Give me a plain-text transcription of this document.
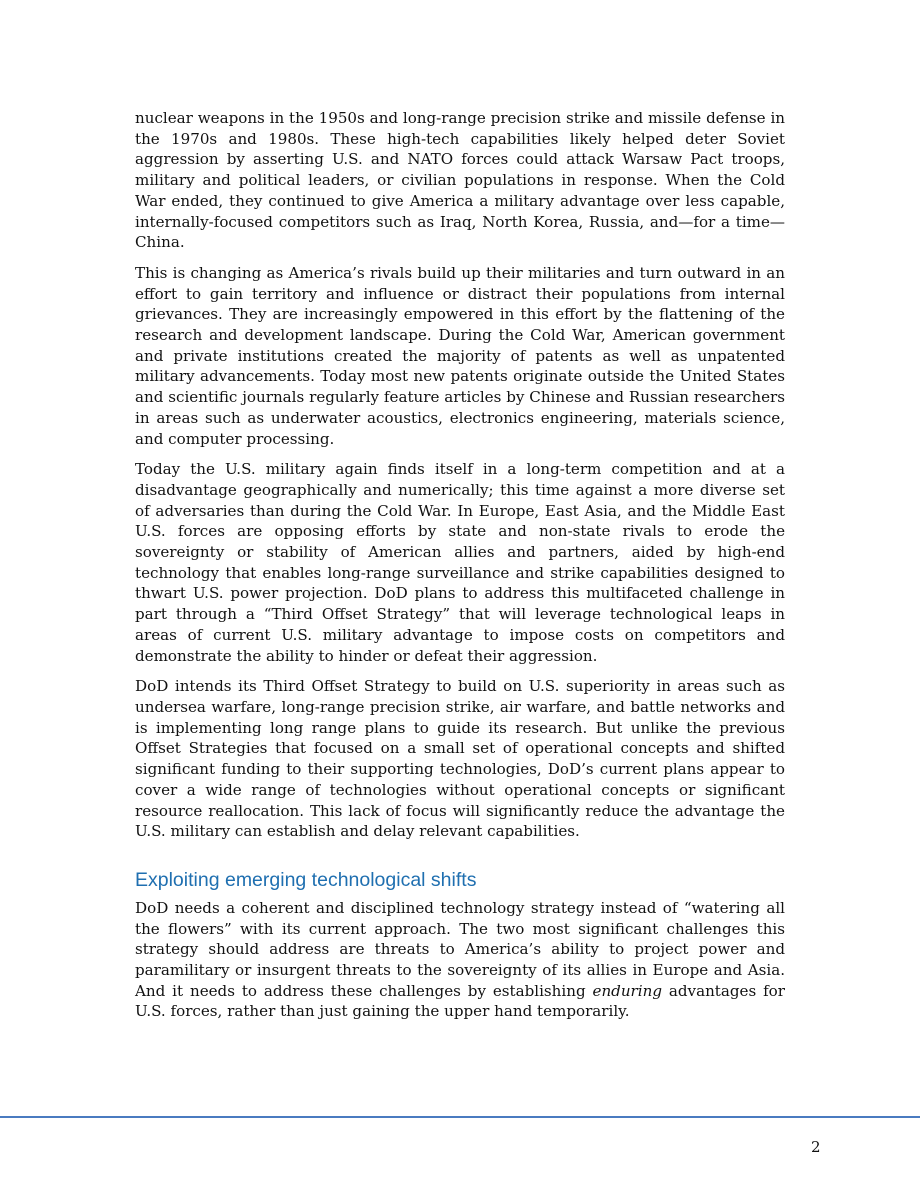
nuclear weapons in the 1950s and long-range precision strike and missile defense in the 1970s and 1980s. These high-tech capabilities likely helped deter Soviet aggression by asserting U.S. and NATO forces could attack Warsaw Pact troops, military and political leaders, or civilian populations in response. When the Cold War ended, they continued to give America a military advantage over less capable, internally-focused competitors such as Iraq, North Korea, Russia, and—for a time—China.

This is changing as America’s rivals build up their militaries and turn outward in an effort to gain territory and influence or distract their populations from internal grievances. They are increasingly empowered in this effort by the flattening of the research and development landscape. During the Cold War, American government and private institutions created the majority of patents as well as unpatented military advancements. Today most new patents originate outside the United States and scientific journals regularly feature articles by Chinese and Russian researchers in areas such as underwater acoustics, electronics engineering, materials science, and computer processing.

Today the U.S. military again finds itself in a long-term competition and at a disadvantage geographically and numerically; this time against a more diverse set of adversaries than during the Cold War. In Europe, East Asia, and the Middle East U.S. forces are opposing efforts by state and non-state rivals to erode the sovereignty or stability of American allies and partners, aided by high-end technology that enables long-range surveillance and strike capabilities designed to thwart U.S. power projection. DoD plans to address this multifaceted challenge in part through a “Third Offset Strategy” that will leverage technological leaps in areas of current U.S. military advantage to impose costs on competitors and demonstrate the ability to hinder or defeat their aggression.

DoD intends its Third Offset Strategy to build on U.S. superiority in areas such as undersea warfare, long-range precision strike, air warfare, and battle networks and is implementing long range plans to guide its research. But unlike the previous Offset Strategies that focused on a small set of operational concepts and shifted significant funding to their supporting technologies, DoD’s current plans appear to cover a wide range of technologies without operational concepts or significant resource reallocation. This lack of focus will significantly reduce the advantage the U.S. military can establish and delay relevant capabilities.

Exploiting emerging technological shifts

DoD needs a coherent and disciplined technology strategy instead of “watering all the flowers” with its current approach. The two most significant challenges this strategy should address are threats to America’s ability to project power and paramilitary or insurgent threats to the sovereignty of its allies in Europe and Asia. And it needs to address these challenges by establishing enduring advantages for U.S. forces, rather than just gaining the upper hand temporarily.

2
